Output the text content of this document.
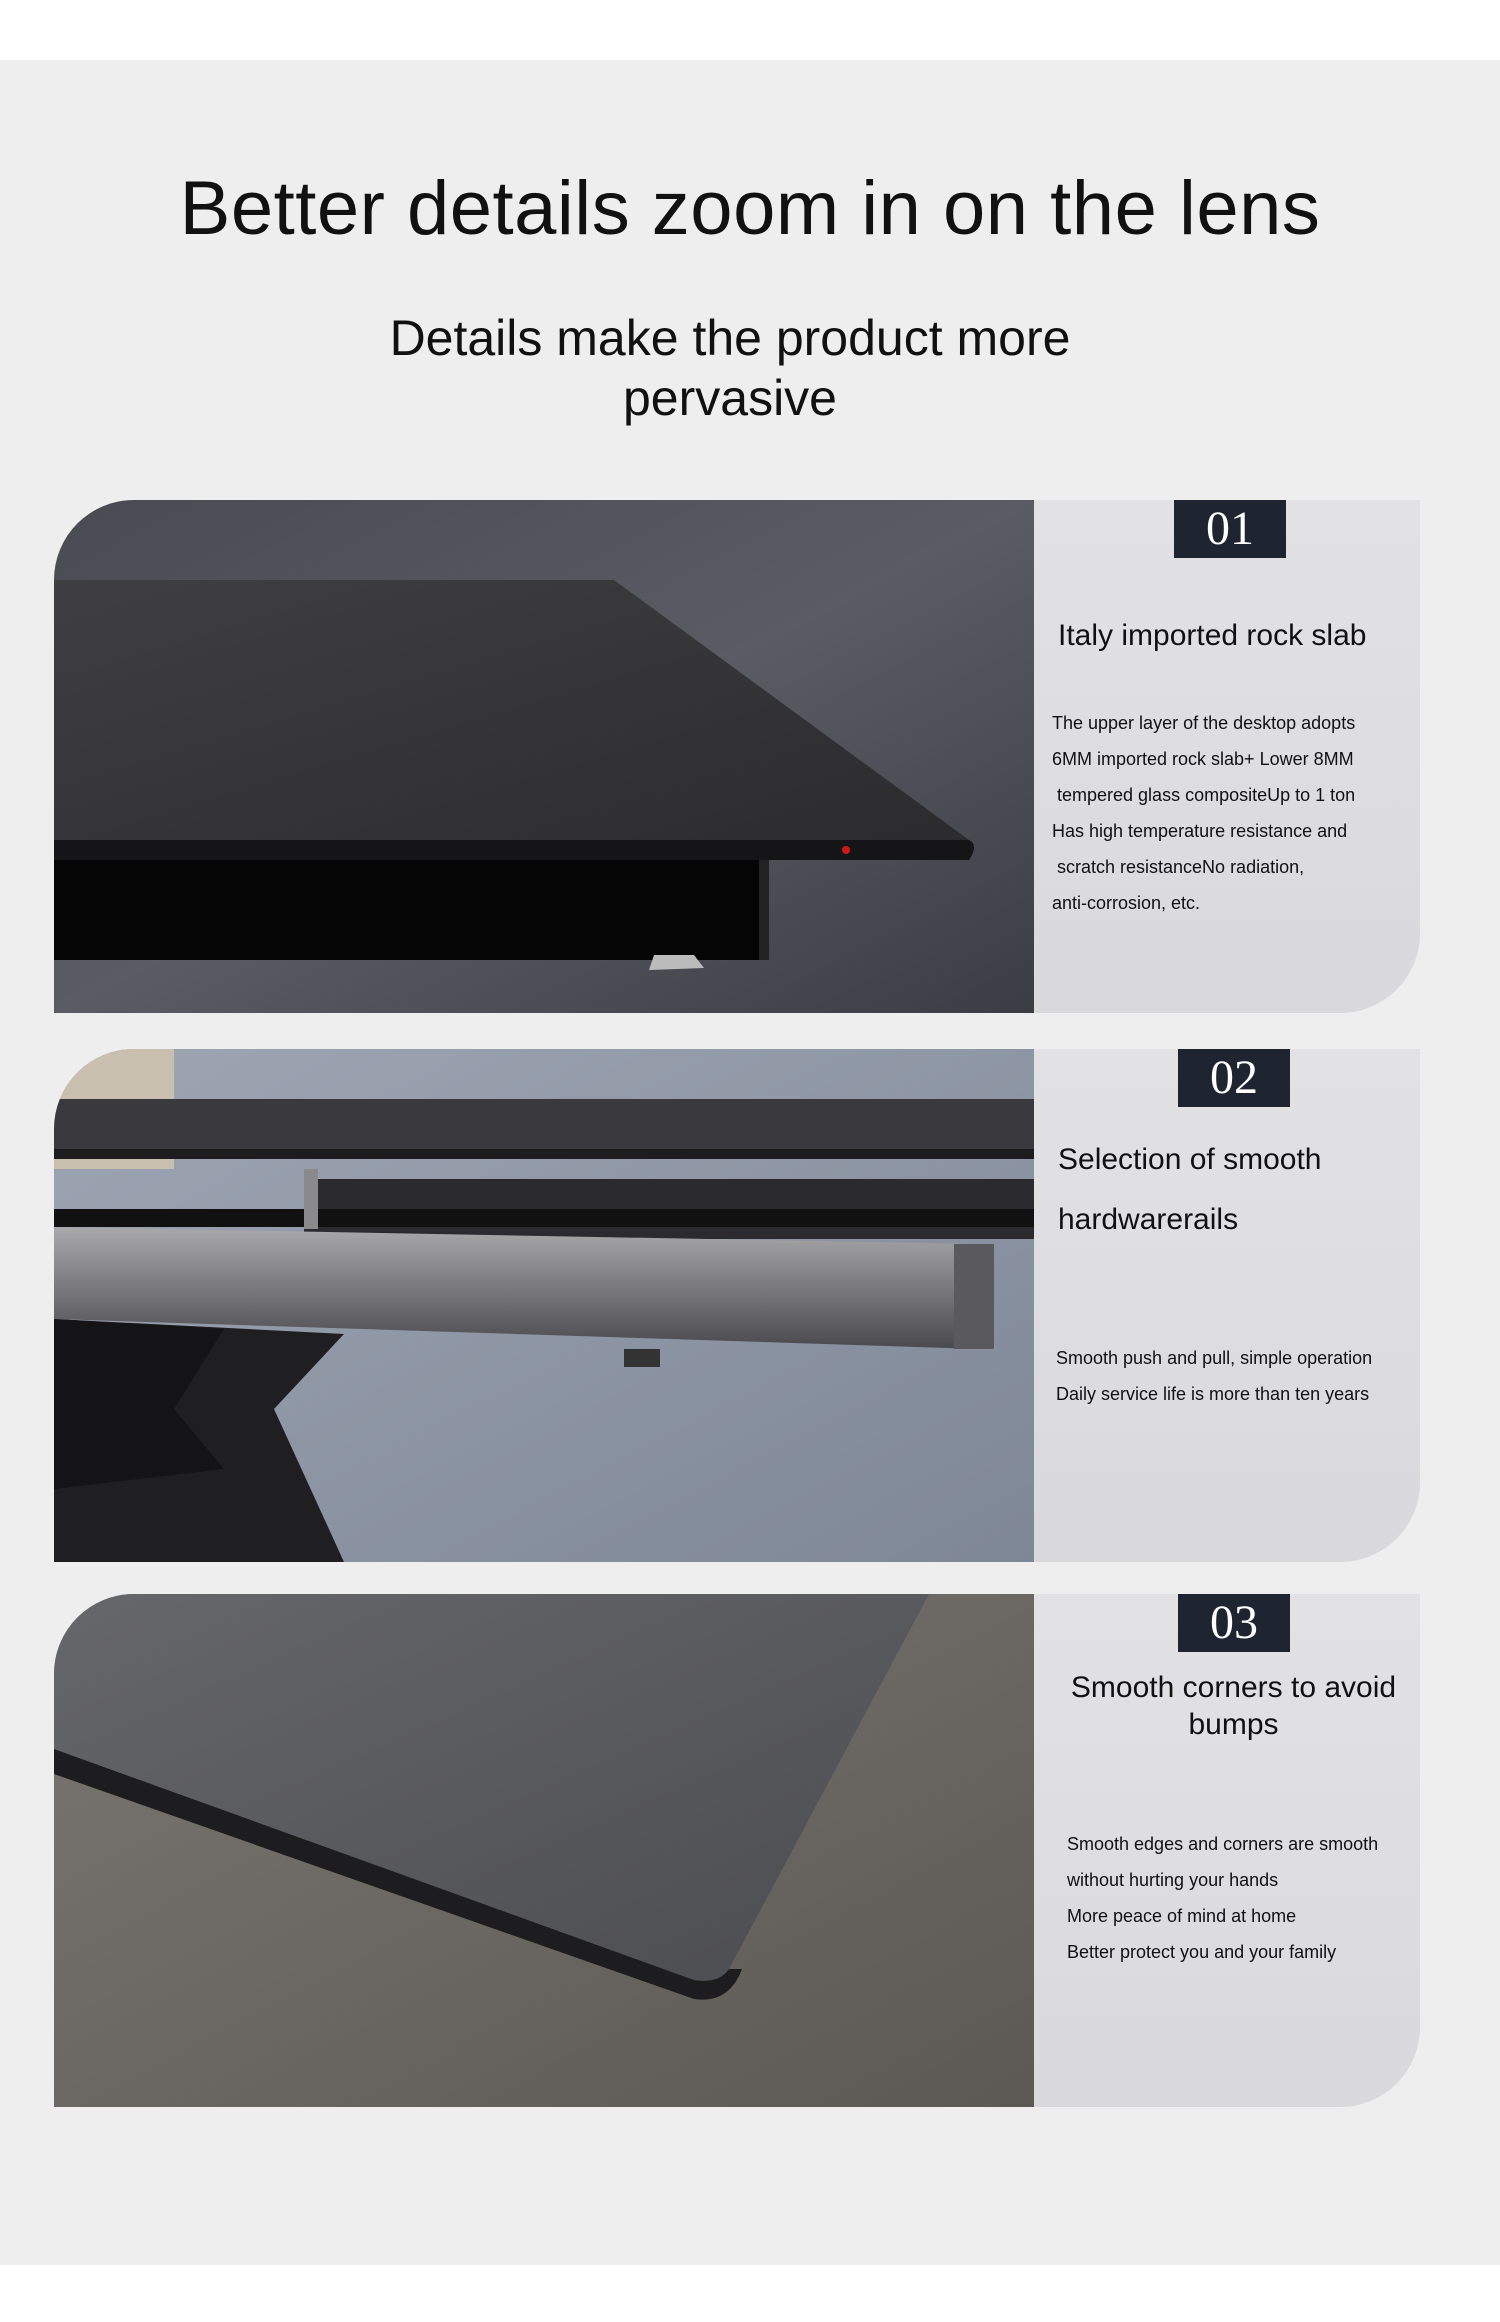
Better details zoom in on the lens
Details make the product more
pervasive
01
Italy imported rock slab
The upper layer of the desktop adopts
6MM imported rock slab+ Lower 8MM
tempered glass compositeUp to 1 ton
Has high temperature resistance and
scratch resistanceNo radiation,
anti-corrosion, etc.
02
Selection of smooth
hardwarerails
Smooth push and pull, simple operation
Daily service life is more than ten years
03
Smooth corners to avoid
bumps
Smooth edges and corners are smooth
without hurting your hands
More peace of mind at home
Better protect you and your family
